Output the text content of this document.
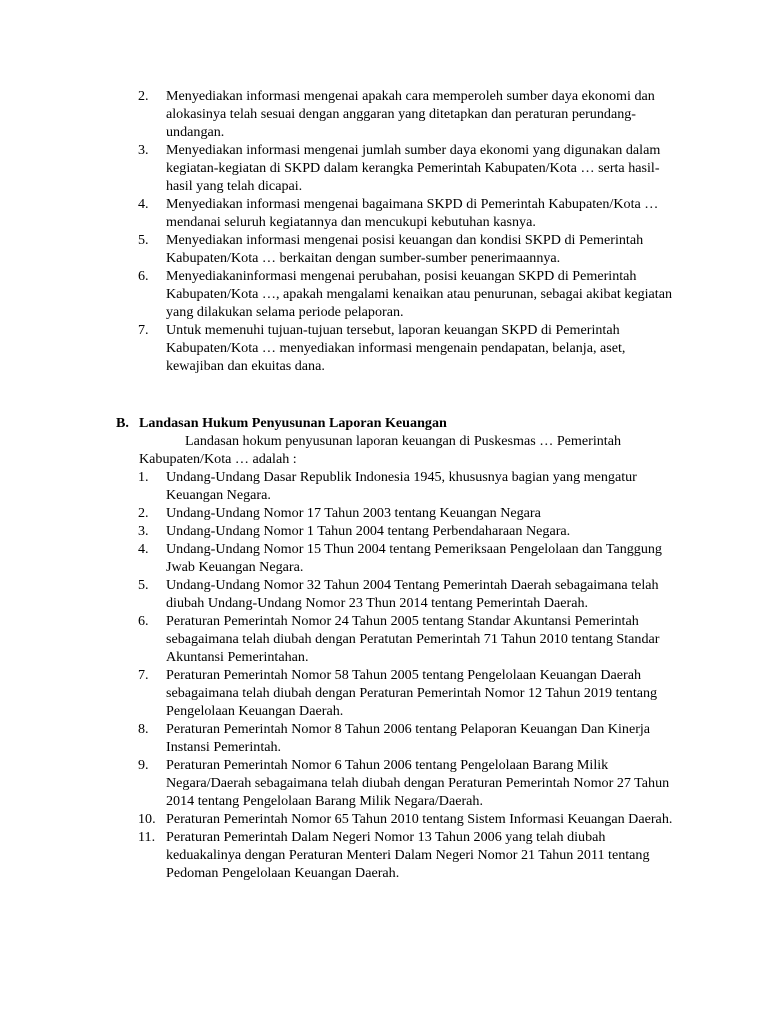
2. Menyediakan informasi mengenai apakah cara memperoleh sumber daya ekonomi dan alokasinya telah sesuai dengan anggaran yang ditetapkan dan peraturan perundang-undangan.
3. Menyediakan informasi mengenai jumlah sumber daya ekonomi yang digunakan dalam kegiatan-kegiatan di SKPD dalam kerangka Pemerintah Kabupaten/Kota … serta hasil-hasil yang telah dicapai.
4. Menyediakan informasi mengenai bagaimana SKPD di Pemerintah Kabupaten/Kota … mendanai seluruh kegiatannya dan mencukupi kebutuhan kasnya.
5. Menyediakan informasi mengenai posisi keuangan dan kondisi SKPD di Pemerintah Kabupaten/Kota … berkaitan dengan sumber-sumber penerimaannya.
6. Menyediakaninformasi mengenai perubahan, posisi keuangan SKPD di Pemerintah Kabupaten/Kota …, apakah mengalami kenaikan atau penurunan, sebagai akibat kegiatan yang dilakukan selama periode pelaporan.
7. Untuk memenuhi tujuan-tujuan tersebut, laporan keuangan SKPD di Pemerintah Kabupaten/Kota … menyediakan informasi mengenain pendapatan, belanja, aset, kewajiban dan ekuitas dana.
B. Landasan Hukum Penyusunan Laporan Keuangan

Landasan hokum penyusunan laporan keuangan di Puskesmas … Pemerintah Kabupaten/Kota … adalah :

1. Undang-Undang Dasar Republik Indonesia 1945, khususnya bagian yang mengatur Keuangan Negara.
2. Undang-Undang Nomor 17 Tahun 2003 tentang Keuangan Negara
3. Undang-Undang Nomor 1 Tahun 2004 tentang Perbendaharaan Negara.
4. Undang-Undang Nomor 15 Thun 2004 tentang Pemeriksaan Pengelolaan dan Tanggung Jwab Keuangan Negara.
5. Undang-Undang Nomor 32 Tahun 2004 Tentang Pemerintah Daerah sebagaimana telah diubah Undang-Undang Nomor 23 Thun 2014 tentang Pemerintah Daerah.
6. Peraturan Pemerintah Nomor 24 Tahun 2005 tentang Standar Akuntansi Pemerintah sebagaimana telah diubah dengan Peratutan Pemerintah 71 Tahun 2010 tentang Standar Akuntansi Pemerintahan.
7. Peraturan Pemerintah Nomor 58 Tahun 2005 tentang Pengelolaan Keuangan Daerah sebagaimana telah diubah dengan Peraturan Pemerintah Nomor 12 Tahun 2019 tentang Pengelolaan Keuangan Daerah.
8. Peraturan Pemerintah Nomor 8 Tahun 2006 tentang Pelaporan Keuangan Dan Kinerja Instansi Pemerintah.
9. Peraturan Pemerintah Nomor 6 Tahun 2006 tentang Pengelolaan Barang Milik Negara/Daerah sebagaimana telah diubah dengan Peraturan Pemerintah Nomor 27 Tahun 2014 tentang Pengelolaan Barang Milik Negara/Daerah.
10. Peraturan Pemerintah Nomor 65 Tahun 2010 tentang Sistem Informasi Keuangan Daerah.
11. Peraturan Pemerintah Dalam Negeri Nomor 13 Tahun 2006 yang telah diubah keduakalinya dengan Peraturan Menteri Dalam Negeri Nomor 21 Tahun 2011 tentang Pedoman Pengelolaan Keuangan Daerah.
